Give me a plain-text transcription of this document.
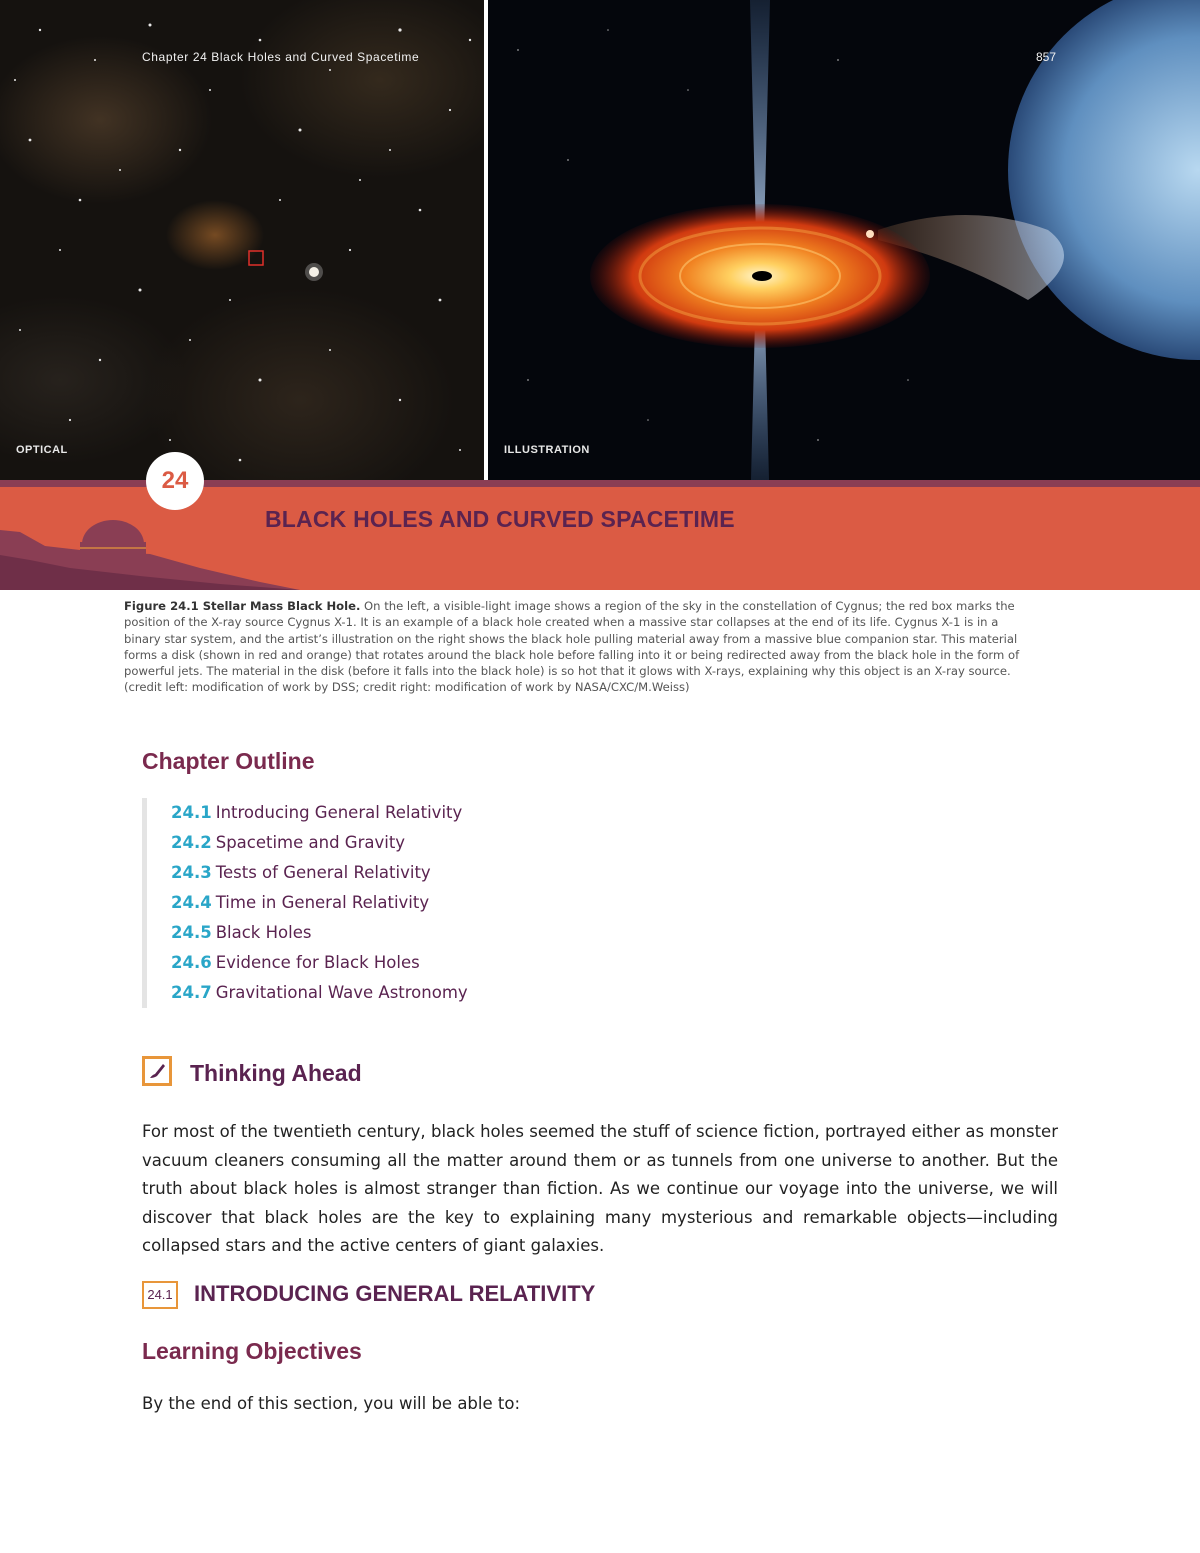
OPTICAL	ILLUSTRATION
Chapter 24 Black Holes and Curved Spacetime	857
24
BLACK HOLES AND CURVED SPACETIME
Figure 24.1 Stellar Mass Black Hole. On the left, a visible-light image shows a region of the sky in the constellation of Cygnus; the red box marks the position of the X-ray source Cygnus X-1. It is an example of a black hole created when a massive star collapses at the end of its life. Cygnus X-1 is in a binary star system, and the artist’s illustration on the right shows the black hole pulling material away from a massive blue companion star. This material forms a disk (shown in red and orange) that rotates around the black hole before falling into it or being redirected away from the black hole in the form of powerful jets. The material in the disk (before it falls into the black hole) is so hot that it glows with X-rays, explaining why this object is an X-ray source. (credit left: modification of work by DSS; credit right: modification of work by NASA/CXC/M.Weiss)
Chapter Outline
24.1 Introducing General Relativity
24.2 Spacetime and Gravity
24.3 Tests of General Relativity
24.4 Time in General Relativity
24.5 Black Holes
24.6 Evidence for Black Holes
24.7 Gravitational Wave Astronomy
Thinking Ahead
For most of the twentieth century, black holes seemed the stuff of science fiction, portrayed either as monster vacuum cleaners consuming all the matter around them or as tunnels from one universe to another. But the truth about black holes is almost stranger than fiction. As we continue our voyage into the universe, we will discover that black holes are the key to explaining many mysterious and remarkable objects—including collapsed stars and the active centers of giant galaxies.
24.1 INTRODUCING GENERAL RELATIVITY
Learning Objectives
By the end of this section, you will be able to:
